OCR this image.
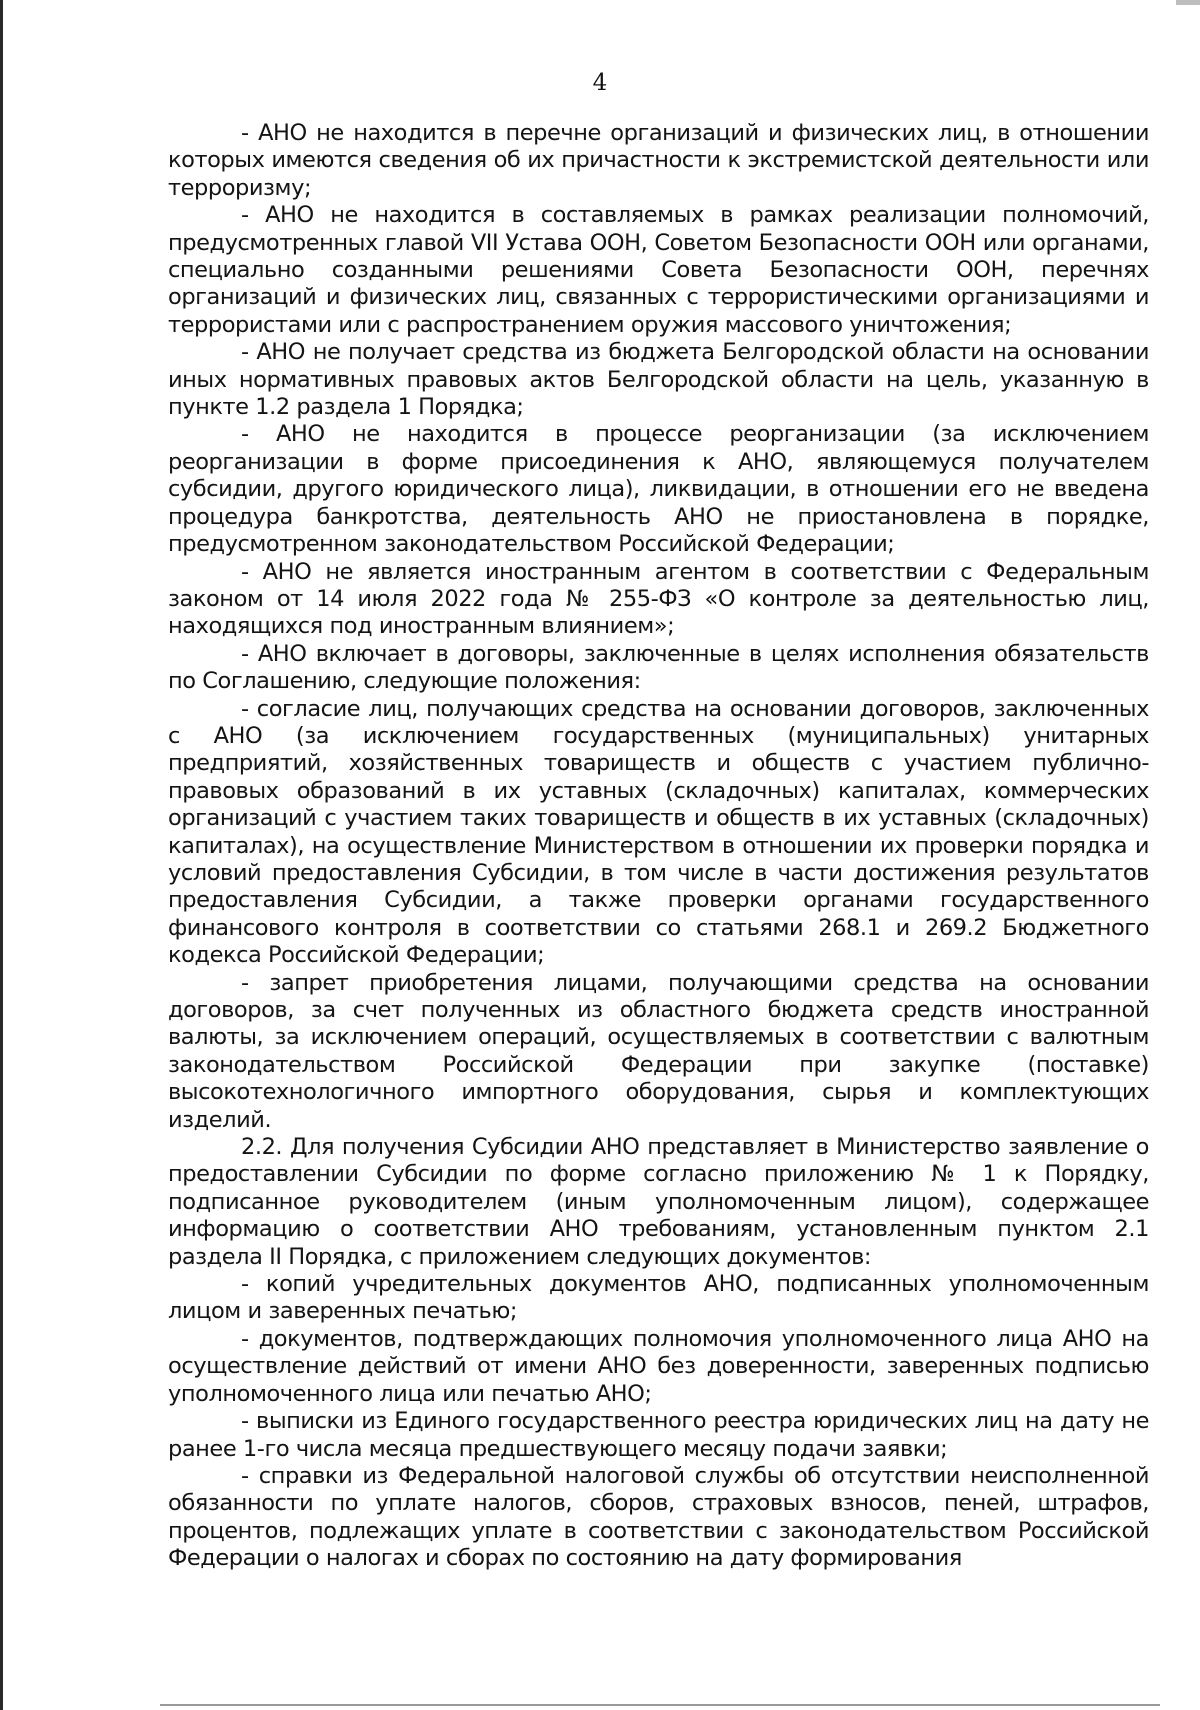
4

- АНО не находится в перечне организаций и физических лиц, в отношении которых имеются сведения об их причастности к экстремистской деятельности или терроризму;

- АНО не находится в составляемых в рамках реализации полномочий, предусмотренных главой VII Устава ООН, Советом Безопасности ООН или органами, специально созданными решениями Совета Безопасности ООН, перечнях организаций и физических лиц, связанных с террористическими организациями и террористами или с распространением оружия массового уничтожения;

- АНО не получает средства из бюджета Белгородской области на основании иных нормативных правовых актов Белгородской области на цель, указанную в пункте 1.2 раздела 1 Порядка;

- АНО не находится в процессе реорганизации (за исключением реорганизации в форме присоединения к АНО, являющемуся получателем субсидии, другого юридического лица), ликвидации, в отношении его не введена процедура банкротства, деятельность АНО не приостановлена в порядке, предусмотренном законодательством Российской Федерации;

- АНО не является иностранным агентом в соответствии с Федеральным законом от 14 июля 2022 года № 255-ФЗ «О контроле за деятельностью лиц, находящихся под иностранным влиянием»;

- АНО включает в договоры, заключенные в целях исполнения обязательств по Соглашению, следующие положения:

- согласие лиц, получающих средства на основании договоров, заключенных с АНО (за исключением государственных (муниципальных) унитарных предприятий, хозяйственных товариществ и обществ с участием публично-правовых образований в их уставных (складочных) капиталах, коммерческих организаций с участием таких товариществ и обществ в их уставных (складочных) капиталах), на осуществление Министерством в отношении их проверки порядка и условий предоставления Субсидии, в том числе в части достижения результатов предоставления Субсидии, а также проверки органами государственного финансового контроля в соответствии со статьями 268.1 и 269.2 Бюджетного кодекса Российской Федерации;

- запрет приобретения лицами, получающими средства на основании договоров, за счет полученных из областного бюджета средств иностранной валюты, за исключением операций, осуществляемых в соответствии с валютным законодательством Российской Федерации при закупке (поставке) высокотехнологичного импортного оборудования, сырья и комплектующих изделий.

2.2. Для получения Субсидии АНО представляет в Министерство заявление о предоставлении Субсидии по форме согласно приложению № 1 к Порядку, подписанное руководителем (иным уполномоченным лицом), содержащее информацию о соответствии АНО требованиям, установленным пунктом 2.1 раздела II Порядка, с приложением следующих документов:

- копий учредительных документов АНО, подписанных уполномоченным лицом и заверенных печатью;

- документов, подтверждающих полномочия уполномоченного лица АНО на осуществление действий от имени АНО без доверенности, заверенных подписью уполномоченного лица или печатью АНО;

- выписки из Единого государственного реестра юридических лиц на дату не ранее 1-го числа месяца предшествующего месяцу подачи заявки;

- справки из Федеральной налоговой службы об отсутствии неисполненной обязанности по уплате налогов, сборов, страховых взносов, пеней, штрафов, процентов, подлежащих уплате в соответствии с законодательством Российской Федерации о налогах и сборах по состоянию на дату формирования
